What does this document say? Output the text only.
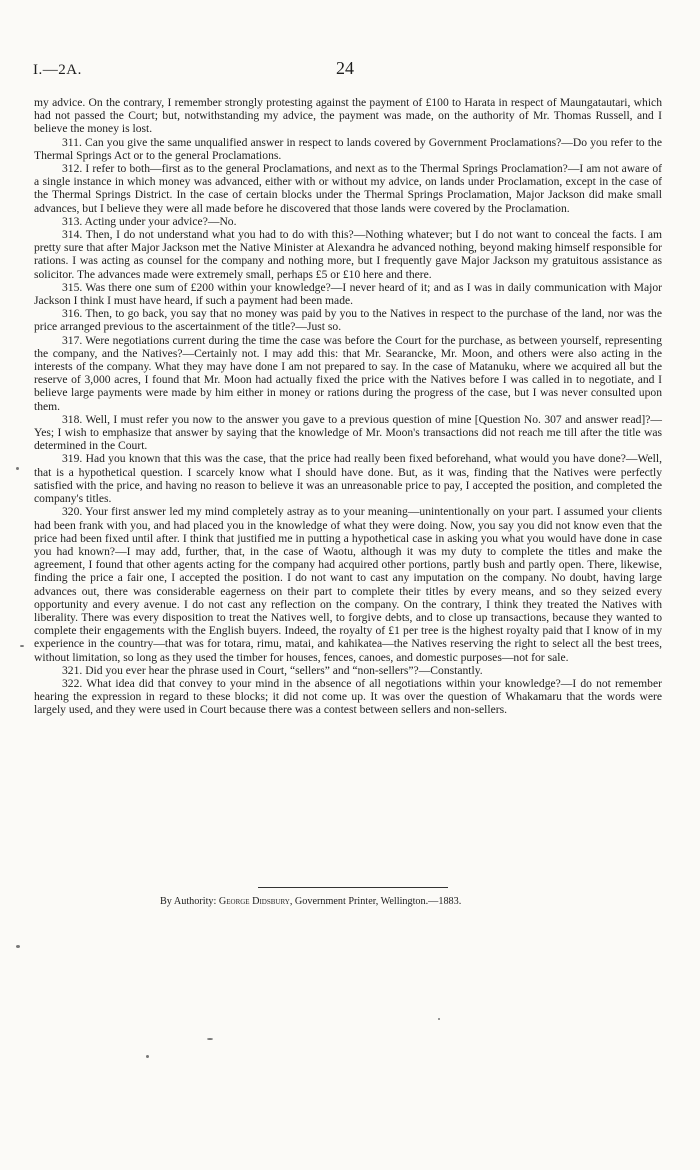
I.—2A.	24

my advice. On the contrary, I remember strongly protesting against the payment of £100 to Harata in respect of Maungatautari, which had not passed the Court; but, notwithstanding my advice, the payment was made, on the authority of Mr. Thomas Russell, and I believe the money is lost.

311. Can you give the same unqualified answer in respect to lands covered by Government Proclamations?—Do you refer to the Thermal Springs Act or to the general Proclamations.

312. I refer to both—first as to the general Proclamations, and next as to the Thermal Springs Proclamation?—I am not aware of a single instance in which money was advanced, either with or without my advice, on lands under Proclamation, except in the case of the Thermal Springs District. In the case of certain blocks under the Thermal Springs Proclamation, Major Jackson did make small advances, but I believe they were all made before he discovered that those lands were covered by the Proclamation.

313. Acting under your advice?—No.

314. Then, I do not understand what you had to do with this?—Nothing whatever; but I do not want to conceal the facts. I am pretty sure that after Major Jackson met the Native Minister at Alexandra he advanced nothing, beyond making himself responsible for rations. I was acting as counsel for the company and nothing more, but I frequently gave Major Jackson my gratuitous assistance as solicitor. The advances made were extremely small, perhaps £5 or £10 here and there.

315. Was there one sum of £200 within your knowledge?—I never heard of it; and as I was in daily communication with Major Jackson I think I must have heard, if such a payment had been made.

316. Then, to go back, you say that no money was paid by you to the Natives in respect to the purchase of the land, nor was the price arranged previous to the ascertainment of the title?—Just so.

317. Were negotiations current during the time the case was before the Court for the purchase, as between yourself, representing the company, and the Natives?—Certainly not. I may add this: that Mr. Searancke, Mr. Moon, and others were also acting in the interests of the company. What they may have done I am not prepared to say. In the case of Matanuku, where we acquired all but the reserve of 3,000 acres, I found that Mr. Moon had actually fixed the price with the Natives before I was called in to negotiate, and I believe large payments were made by him either in money or rations during the progress of the case, but I was never consulted upon them.

318. Well, I must refer you now to the answer you gave to a previous question of mine [Question No. 307 and answer read]?—Yes; I wish to emphasize that answer by saying that the knowledge of Mr. Moon's transactions did not reach me till after the title was determined in the Court.

319. Had you known that this was the case, that the price had really been fixed beforehand, what would you have done?—Well, that is a hypothetical question. I scarcely know what I should have done. But, as it was, finding that the Natives were perfectly satisfied with the price, and having no reason to believe it was an unreasonable price to pay, I accepted the position, and completed the company's titles.

320. Your first answer led my mind completely astray as to your meaning—unintentionally on your part. I assumed your clients had been frank with you, and had placed you in the knowledge of what they were doing. Now, you say you did not know even that the price had been fixed until after. I think that justified me in putting a hypothetical case in asking you what you would have done in case you had known?—I may add, further, that, in the case of Waotu, although it was my duty to complete the titles and make the agreement, I found that other agents acting for the company had acquired other portions, partly bush and partly open. There, likewise, finding the price a fair one, I accepted the position. I do not want to cast any imputation on the company. No doubt, having large advances out, there was considerable eagerness on their part to complete their titles by every means, and so they seized every opportunity and every avenue. I do not cast any reflection on the company. On the contrary, I think they treated the Natives with liberality. There was every disposition to treat the Natives well, to forgive debts, and to close up transactions, because they wanted to complete their engagements with the English buyers. Indeed, the royalty of £1 per tree is the highest royalty paid that I know of in my experience in the country—that was for totara, rimu, matai, and kahikatea—the Natives reserving the right to select all the best trees, without limitation, so long as they used the timber for houses, fences, canoes, and domestic purposes—not for sale.

321. Did you ever hear the phrase used in Court, “sellers” and “non-sellers”?—Constantly.

322. What idea did that convey to your mind in the absence of all negotiations within your knowledge?—I do not remember hearing the expression in regard to these blocks; it did not come up. It was over the question of Whakamaru that the words were largely used, and they were used in Court because there was a contest between sellers and non-sellers.

By Authority: George Didsbury, Government Printer, Wellington.—1883.
